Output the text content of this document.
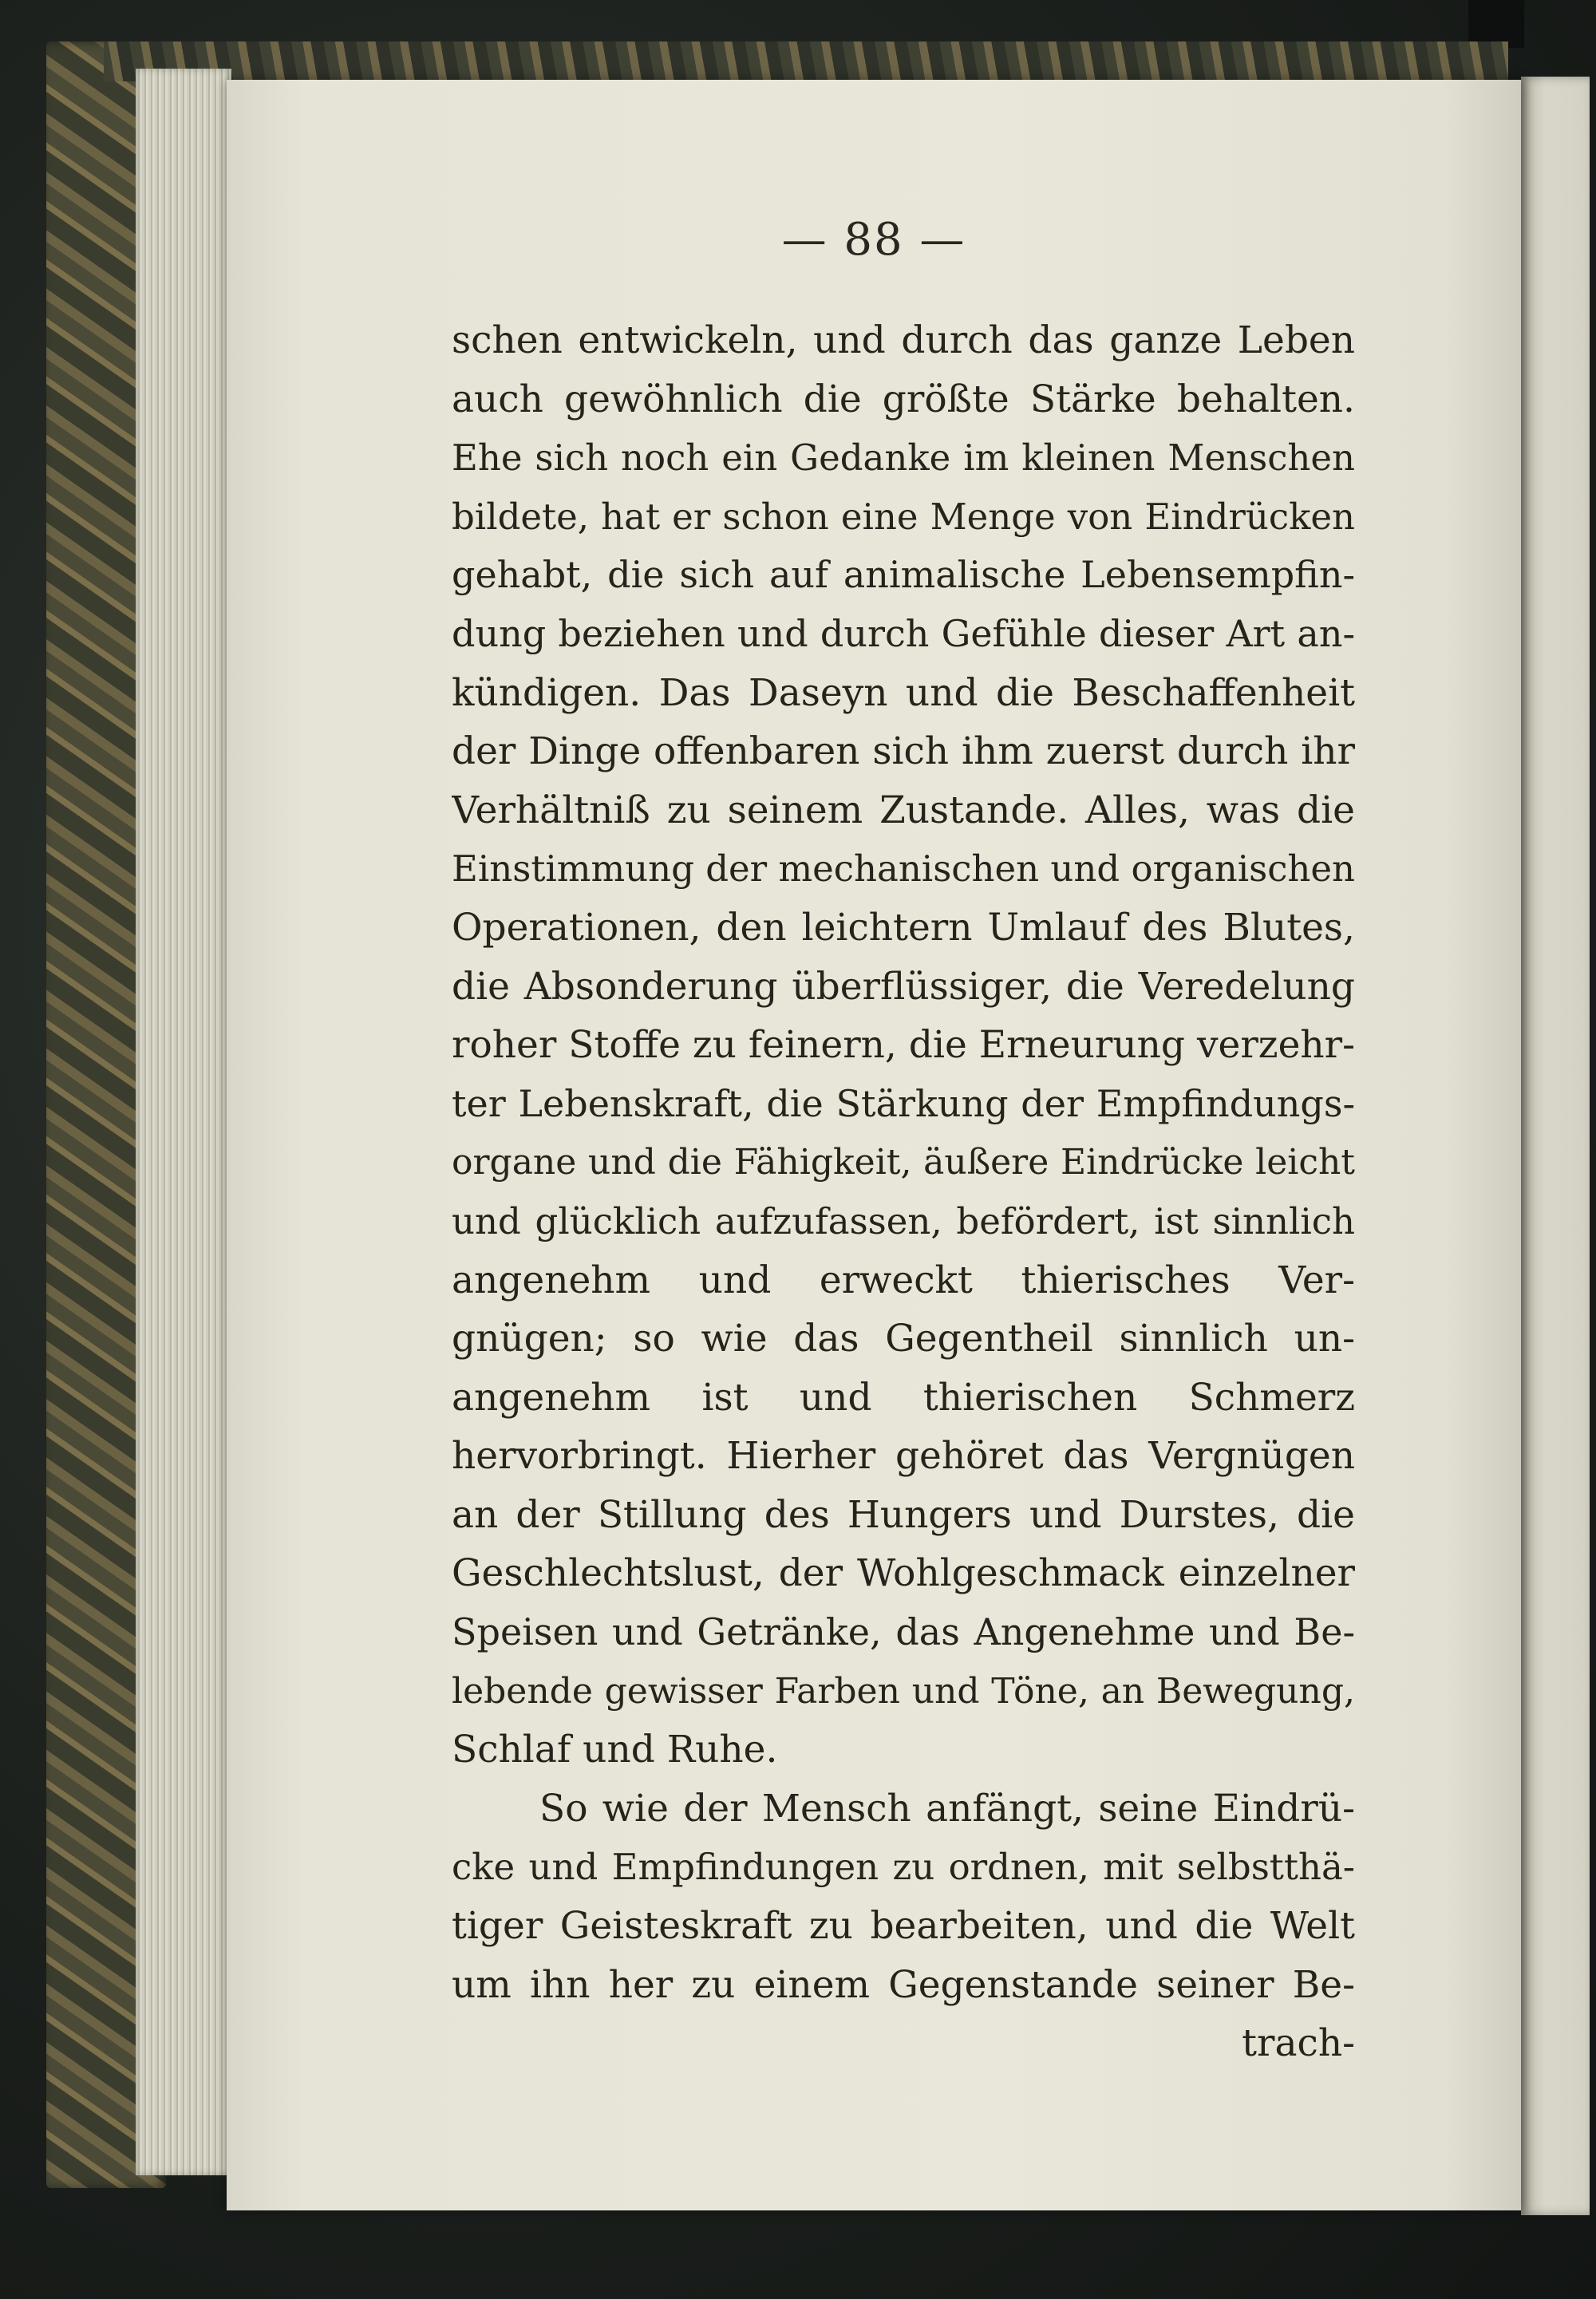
— 88 —
schen entwickeln, und durch das ganze Leben
auch gewöhnlich die größte Stärke behalten.
Ehe sich noch ein Gedanke im kleinen Menschen
bildete, hat er schon eine Menge von Eindrücken
gehabt, die sich auf animalische Lebensempfin-
dung beziehen und durch Gefühle dieser Art an-
kündigen. Das Daseyn und die Beschaffenheit
der Dinge offenbaren sich ihm zuerst durch ihr
Verhältniß zu seinem Zustande. Alles, was die
Einstimmung der mechanischen und organischen
Operationen, den leichtern Umlauf des Blutes,
die Absonderung überflüssiger, die Veredelung
roher Stoffe zu feinern, die Erneurung verzehr-
ter Lebenskraft, die Stärkung der Empfindungs-
organe und die Fähigkeit, äußere Eindrücke leicht
und glücklich aufzufassen, befördert, ist sinnlich
angenehm und erweckt thierisches Ver-
gnügen; so wie das Gegentheil sinnlich un-
angenehm ist und thierischen Schmerz
hervorbringt. Hierher gehöret das Vergnügen
an der Stillung des Hungers und Durstes, die
Geschlechtslust, der Wohlgeschmack einzelner
Speisen und Getränke, das Angenehme und Be-
lebende gewisser Farben und Töne, an Bewegung,
Schlaf und Ruhe.
So wie der Mensch anfängt, seine Eindrü-
cke und Empfindungen zu ordnen, mit selbstthä-
tiger Geisteskraft zu bearbeiten, und die Welt
um ihn her zu einem Gegenstande seiner Be-
trach-
